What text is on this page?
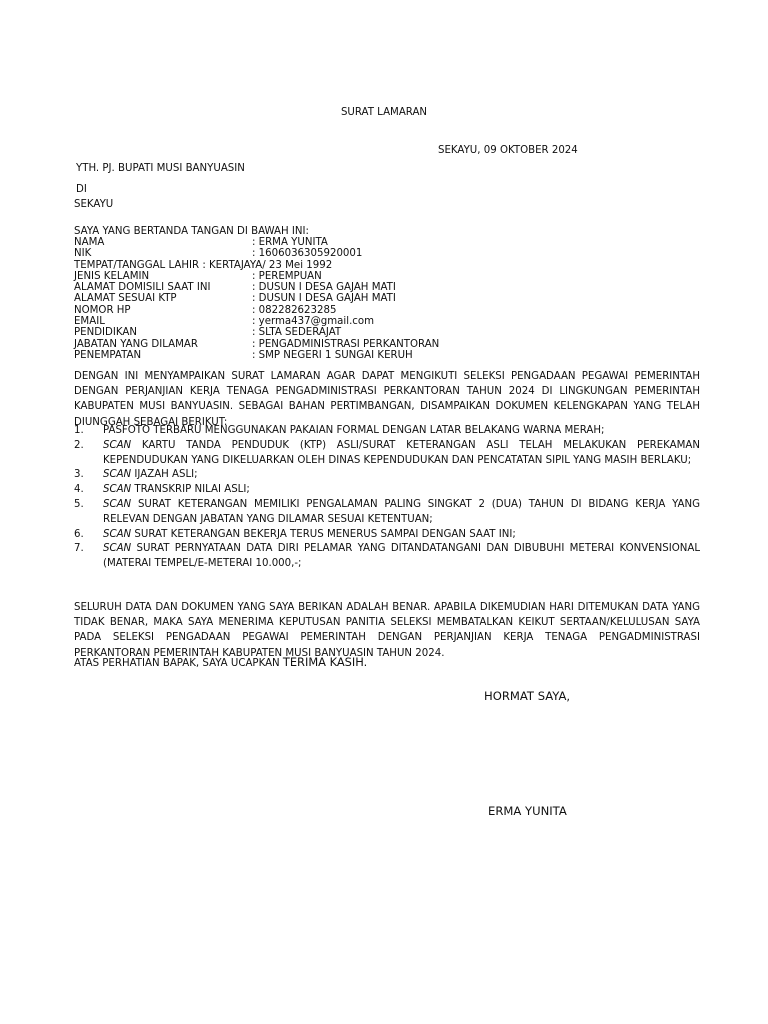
SURAT LAMARAN
SEKAYU, 09 OKTOBER 2024
YTH. PJ. BUPATI MUSI BANYUASIN
DI
SEKAYU
SAYA YANG BERTANDA TANGAN DI BAWAH INI:
NAMA	: ERMA YUNITA
NIK	: 1606036305920001
TEMPAT/TANGGAL LAHIR : KERTAJAYA/ 23 Mei 1992
JENIS KELAMIN	: PEREMPUAN
ALAMAT DOMISILI SAAT INI	: DUSUN I DESA GAJAH MATI
ALAMAT SESUAI KTP	: DUSUN I DESA GAJAH MATI
NOMOR HP	: 082282623285
EMAIL	: yerma437@gmail.com
PENDIDIKAN	: SLTA SEDERAJAT
JABATAN YANG DILAMAR	: PENGADMINISTRASI PERKANTORAN
PENEMPATAN	: SMP NEGERI 1 SUNGAI KERUH
DENGAN INI MENYAMPAIKAN SURAT LAMARAN AGAR DAPAT MENGIKUTI SELEKSI PENGADAAN PEGAWAI PEMERINTAH DENGAN PERJANJIAN KERJA TENAGA PENGADMINISTRASI PERKANTORAN TAHUN 2024 DI LINGKUNGAN PEMERINTAH KABUPATEN MUSI BANYUASIN. SEBAGAI BAHAN PERTIMBANGAN, DISAMPAIKAN DOKUMEN KELENGKAPAN YANG TELAH DIUNGGAH SEBAGAI BERIKUT:
1.	PASFOTO TERBARU MENGGUNAKAN PAKAIAN FORMAL DENGAN LATAR BELAKANG WARNA MERAH;
2.	SCAN KARTU TANDA PENDUDUK (KTP) ASLI/SURAT KETERANGAN ASLI TELAH MELAKUKAN PEREKAMAN KEPENDUDUKAN YANG DIKELUARKAN OLEH DINAS KEPENDUDUKAN DAN PENCATATAN SIPIL YANG MASIH BERLAKU;
3.	SCAN IJAZAH ASLI;
4.	SCAN TRANSKRIP NILAI ASLI;
5.	SCAN SURAT KETERANGAN MEMILIKI PENGALAMAN PALING SINGKAT 2 (DUA) TAHUN DI BIDANG KERJA YANG RELEVAN DENGAN JABATAN YANG DILAMAR SESUAI KETENTUAN;
6.	SCAN SURAT KETERANGAN BEKERJA TERUS MENERUS SAMPAI DENGAN SAAT INI;
7.	SCAN SURAT PERNYATAAN DATA DIRI PELAMAR YANG DITANDATANGANI DAN DIBUBUHI METERAI KONVENSIONAL (MATERAI TEMPEL/E-METERAI 10.000,-;
SELURUH DATA DAN DOKUMEN YANG SAYA BERIKAN ADALAH BENAR. APABILA DIKEMUDIAN HARI DITEMUKAN DATA YANG TIDAK BENAR, MAKA SAYA MENERIMA KEPUTUSAN PANITIA SELEKSI MEMBATALKAN KEIKUT SERTAAN/KELULUSAN SAYA PADA SELEKSI PENGADAAN PEGAWAI PEMERINTAH DENGAN PERJANJIAN KERJA TENAGA PENGADMINISTRASI PERKANTORAN PEMERINTAH KABUPATEN MUSI BANYUASIN TAHUN 2024.
ATAS PERHATIAN BAPAK, SAYA UCAPKAN TERIMA KASIH.
HORMAT SAYA,
ERMA YUNITA
